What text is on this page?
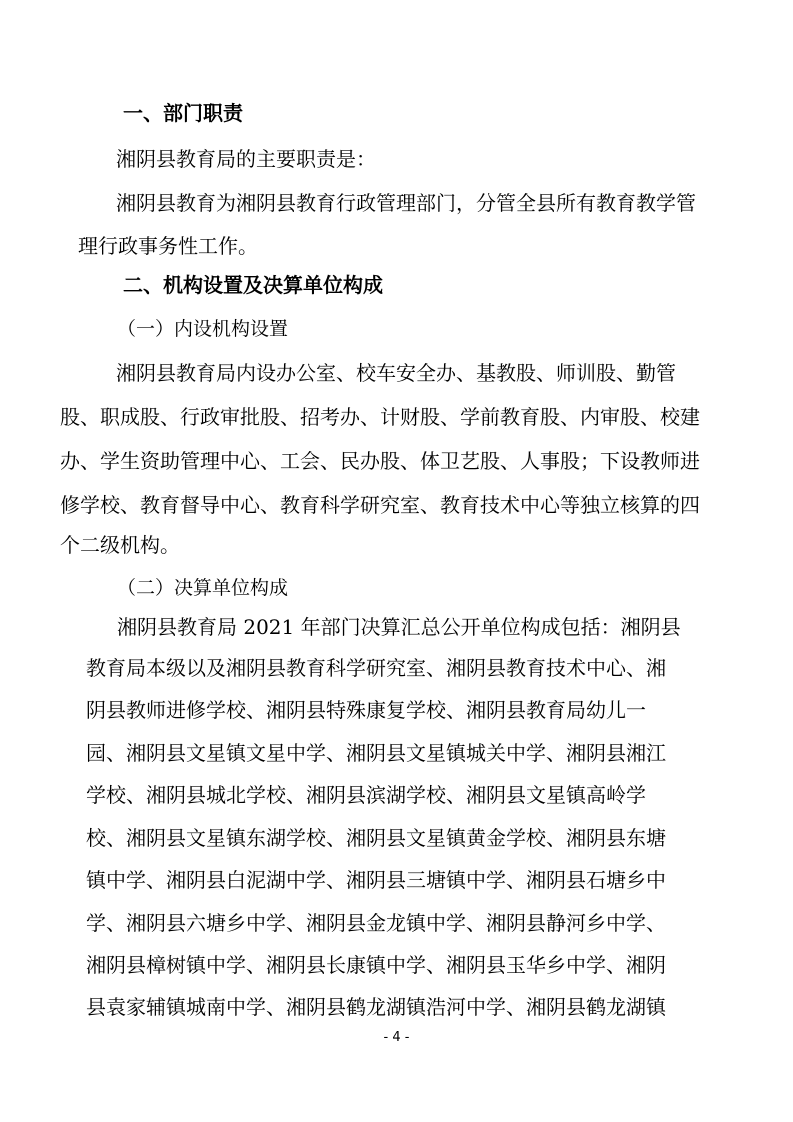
一、部门职责
湘阴县教育局的主要职责是：
湘阴县教育为湘阴县教育行政管理部门，分管全县所有教育教学管
理行政事务性工作。
二、机构设置及决算单位构成
（一）内设机构设置
湘阴县教育局内设办公室、校车安全办、基教股、师训股、勤管
股、职成股、行政审批股、招考办、计财股、学前教育股、内审股、校建
办、学生资助管理中心、工会、民办股、体卫艺股、人事股；下设教师进
修学校、教育督导中心、教育科学研究室、教育技术中心等独立核算的四
个二级机构。
（二）决算单位构成
湘阴县教育局 2021 年部门决算汇总公开单位构成包括：湘阴县
教育局本级以及湘阴县教育科学研究室、湘阴县教育技术中心、湘
阴县教师进修学校、湘阴县特殊康复学校、湘阴县教育局幼儿一
园、湘阴县文星镇文星中学、湘阴县文星镇城关中学、湘阴县湘江
学校、湘阴县城北学校、湘阴县滨湖学校、湘阴县文星镇高岭学
校、湘阴县文星镇东湖学校、湘阴县文星镇黄金学校、湘阴县东塘
镇中学、湘阴县白泥湖中学、湘阴县三塘镇中学、湘阴县石塘乡中
学、湘阴县六塘乡中学、湘阴县金龙镇中学、湘阴县静河乡中学、
湘阴县樟树镇中学、湘阴县长康镇中学、湘阴县玉华乡中学、湘阴
县袁家辅镇城南中学、湘阴县鹤龙湖镇浩河中学、湘阴县鹤龙湖镇
- 4 -
